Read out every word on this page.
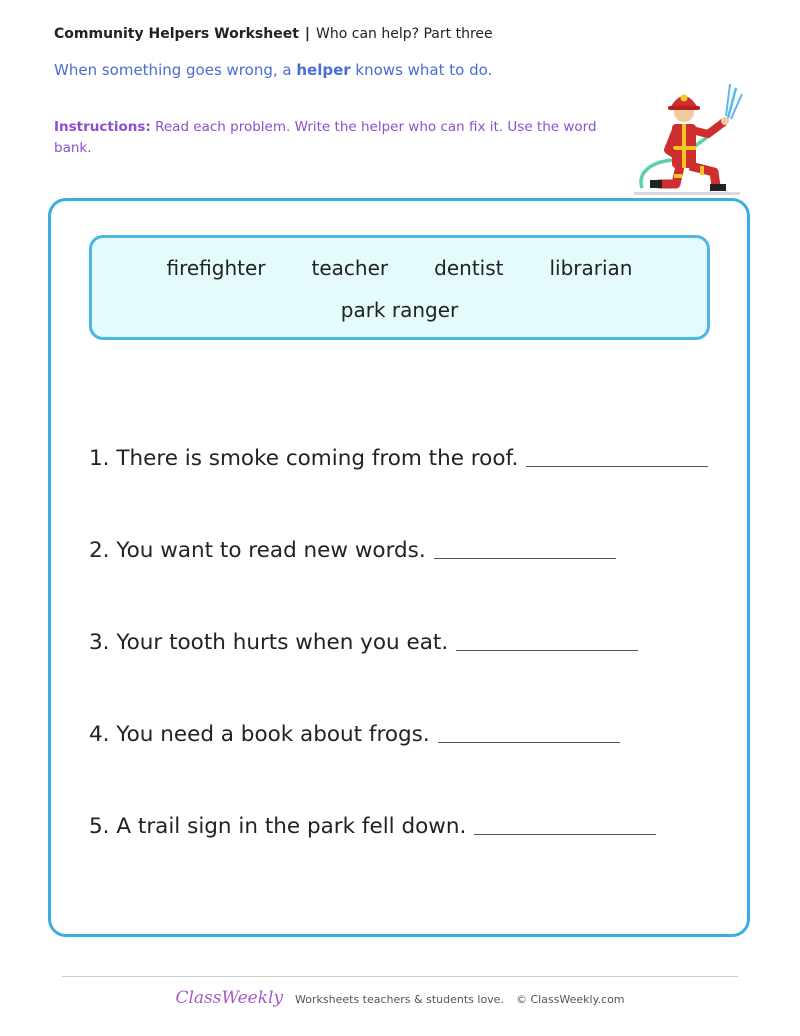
Community Helpers Worksheet | Who can help? Part three
When something goes wrong, a helper knows what to do.
Instructions: Read each problem. Write the helper who can fix it. Use the word bank.
firefighter teacher dentist librarian
park ranger
1. There is smoke coming from the roof.
2. You want to read new words.
3. Your tooth hurts when you eat.
4. You need a book about frogs.
5. A trail sign in the park fell down.
ClassWeekly Worksheets teachers & students love. © ClassWeekly.com
